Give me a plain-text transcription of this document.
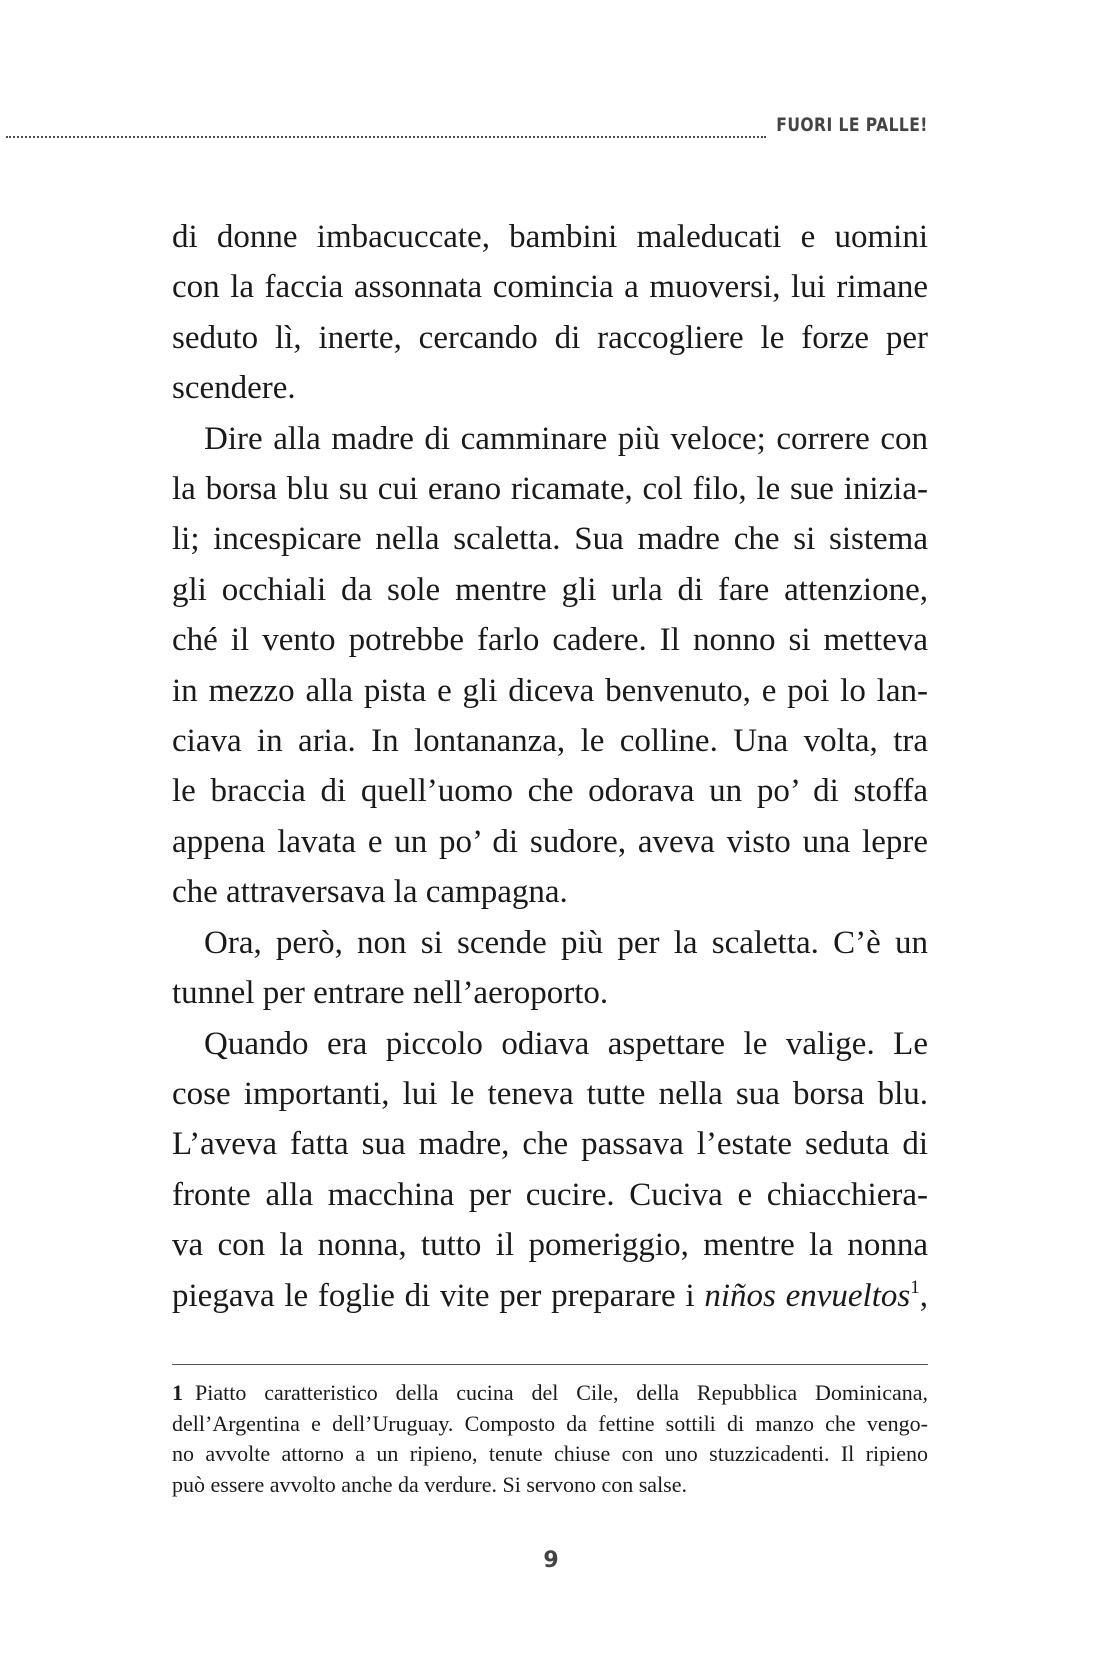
FUORI LE PALLE!

di donne imbacuccate, bambini maleducati e uomini
con la faccia assonnata comincia a muoversi, lui rimane
seduto lì, inerte, cercando di raccogliere le forze per
scendere.

Dire alla madre di camminare più veloce; correre con
la borsa blu su cui erano ricamate, col filo, le sue inizia-
li; incespicare nella scaletta. Sua madre che si sistema
gli occhiali da sole mentre gli urla di fare attenzione,
ché il vento potrebbe farlo cadere. Il nonno si metteva
in mezzo alla pista e gli diceva benvenuto, e poi lo lan-
ciava in aria. In lontananza, le colline. Una volta, tra
le braccia di quell’uomo che odorava un po’ di stoffa
appena lavata e un po’ di sudore, aveva visto una lepre
che attraversava la campagna.

Ora, però, non si scende più per la scaletta. C’è un
tunnel per entrare nell’aeroporto.

Quando era piccolo odiava aspettare le valige. Le
cose importanti, lui le teneva tutte nella sua borsa blu.
L’aveva fatta sua madre, che passava l’estate seduta di
fronte alla macchina per cucire. Cuciva e chiacchiera-
va con la nonna, tutto il pomeriggio, mentre la nonna
piegava le foglie di vite per preparare i niños envueltos$^1$,

1 Piatto caratteristico della cucina del Cile, della Repubblica Dominicana,
dell’Argentina e dell’Uruguay. Composto da fettine sottili di manzo che vengo-
no avvolte attorno a un ripieno, tenute chiuse con uno stuzzicadenti. Il ripieno
può essere avvolto anche da verdure. Si servono con salse.
9
